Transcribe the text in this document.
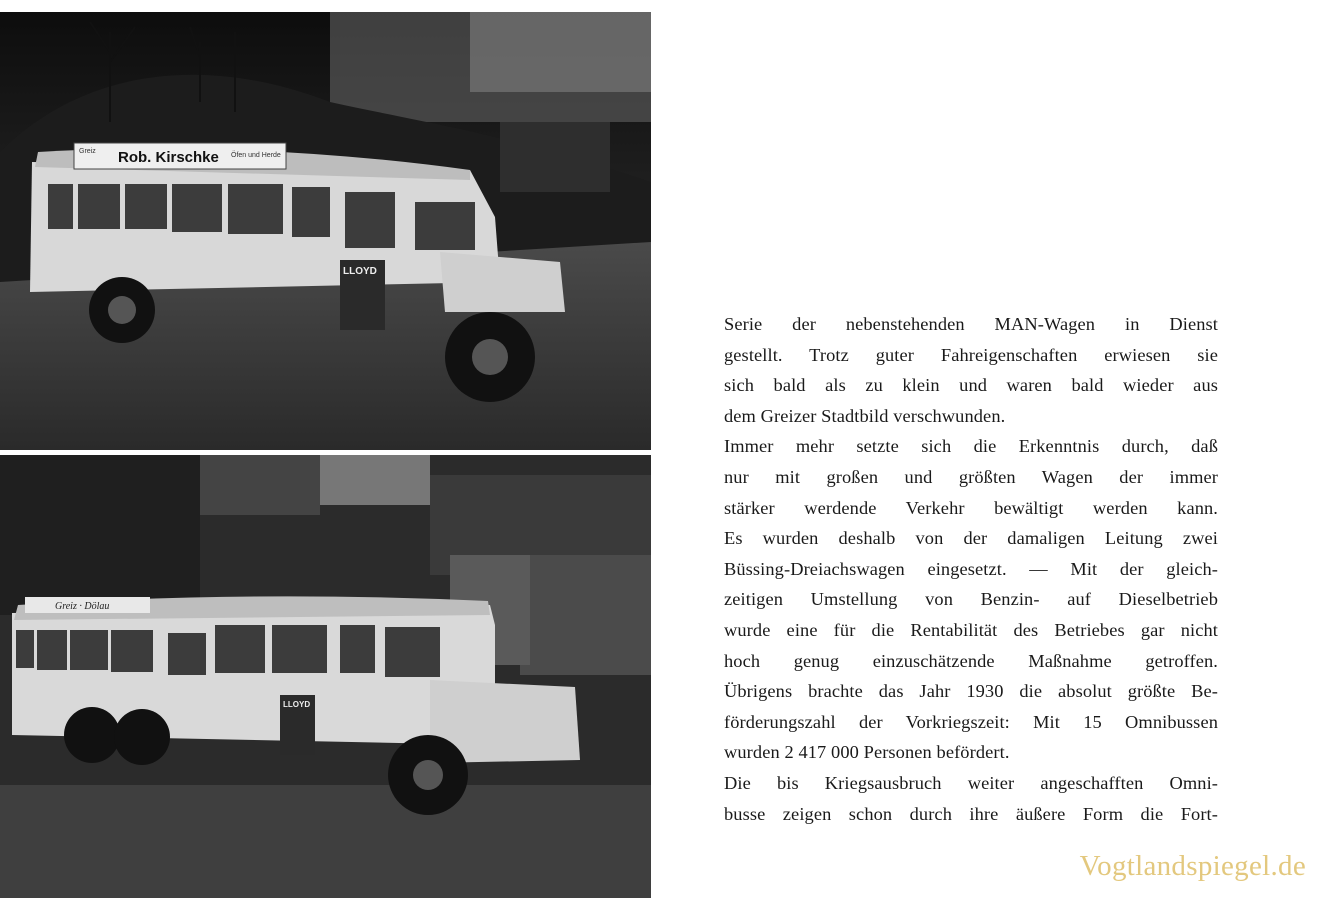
Greiz Rob. Kirschke Öfen und Herde
LLOYD
Greiz · Dölau
LLOYD
Serie der nebenstehenden MAN-Wagen in Dienst
gestellt. Trotz guter Fahreigenschaften erwiesen sie
sich bald als zu klein und waren bald wieder aus
dem Greizer Stadtbild verschwunden.
Immer mehr setzte sich die Erkenntnis durch, daß
nur mit großen und größten Wagen der immer
stärker werdende Verkehr bewältigt werden kann.
Es wurden deshalb von der damaligen Leitung zwei
Büssing-Dreiachswagen eingesetzt. — Mit der gleich-
zeitigen Umstellung von Benzin- auf Dieselbetrieb
wurde eine für die Rentabilität des Betriebes gar nicht
hoch genug einzuschätzende Maßnahme getroffen.
Übrigens brachte das Jahr 1930 die absolut größte Be-
förderungszahl der Vorkriegszeit: Mit 15 Omnibussen
wurden 2 417 000 Personen befördert.
Die bis Kriegsausbruch weiter angeschafften Omni-
busse zeigen schon durch ihre äußere Form die Fort-
Vogtlandspiegel.de
